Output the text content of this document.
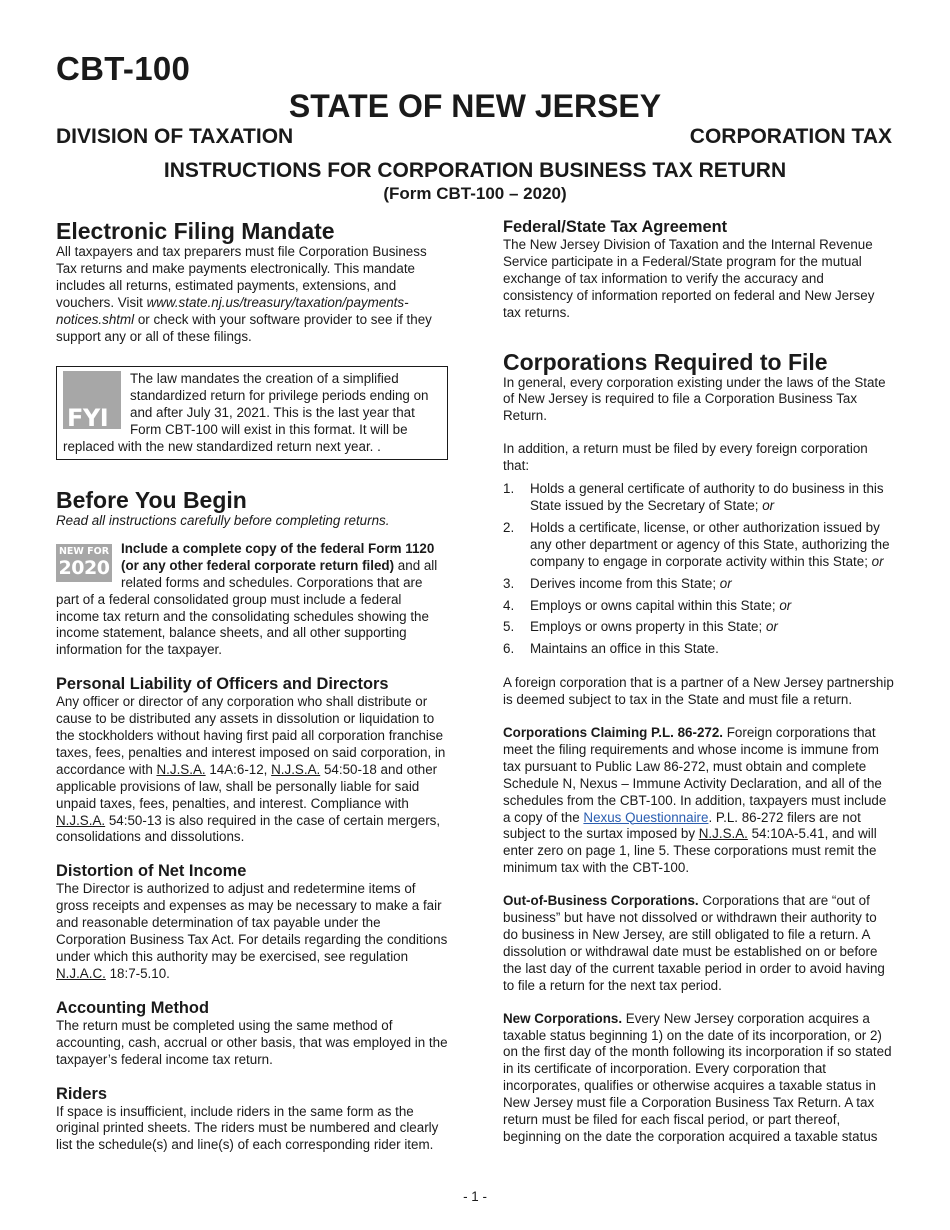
CBT-100
STATE OF NEW JERSEY
DIVISION OF TAXATION	CORPORATION TAX
INSTRUCTIONS FOR CORPORATION BUSINESS TAX RETURN
(Form CBT-100 – 2020)
Electronic Filing Mandate

All taxpayers and tax preparers must file Corporation Business Tax returns and make payments electronically. This mandate includes all returns, estimated payments, extensions, and vouchers. Visit www.state.nj.us/treasury/taxation/payments-notices.shtml or check with your software provider to see if they support any or all of these filings.

FYI
The law mandates the creation of a simplified standardized return for privilege periods ending on and after July 31, 2021. This is the last year that Form CBT-100 will exist in this format. It will be replaced with the new standardized return next year. .
Before You Begin

Read all instructions carefully before completing returns.

NEW FOR
2020
Include a complete copy of the federal Form 1120 (or any other federal corporate return filed) and all related forms and schedules. Corporations that are part of a federal consolidated group must include a federal income tax return and the consolidating schedules showing the income statement, balance sheets, and all other supporting information for the taxpayer.
Personal Liability of Officers and Directors

Any officer or director of any corporation who shall distribute or cause to be distributed any assets in dissolution or liquidation to the stockholders without having first paid all corporation franchise taxes, fees, penalties and interest imposed on said corporation, in accordance with N.J.S.A. 14A:6-12, N.J.S.A. 54:50-18 and other applicable provisions of law, shall be personally liable for said unpaid taxes, fees, penalties, and interest. Compliance with N.J.S.A. 54:50-13 is also required in the case of certain mergers, consolidations and dissolutions.

Distortion of Net Income

The Director is authorized to adjust and redetermine items of gross receipts and expenses as may be necessary to make a fair and reasonable determination of tax payable under the Corporation Business Tax Act. For details regarding the conditions under which this authority may be exercised, see regulation N.J.A.C. 18:7-5.10.

Accounting Method

The return must be completed using the same method of accounting, cash, accrual or other basis, that was employed in the taxpayer’s federal income tax return.

Riders

If space is insufficient, include riders in the same form as the original printed sheets. The riders must be numbered and clearly list the schedule(s) and line(s) of each corresponding rider item.

Federal/State Tax Agreement

The New Jersey Division of Taxation and the Internal Revenue Service participate in a Federal/State program for the mutual exchange of tax information to verify the accuracy and consistency of information reported on federal and New Jersey tax returns.

Corporations Required to File

In general, every corporation existing under the laws of the State of New Jersey is required to file a Corporation Business Tax Return.

In addition, a return must be filed by every foreign corporation that:

1. Holds a general certificate of authority to do business in this State issued by the Secretary of State; or
2. Holds a certificate, license, or other authorization issued by any other department or agency of this State, authorizing the company to engage in corporate activity within this State; or
3. Derives income from this State; or
4. Employs or owns capital within this State; or
5. Employs or owns property in this State; or
6. Maintains an office in this State.

A foreign corporation that is a partner of a New Jersey partnership is deemed subject to tax in the State and must file a return.

Corporations Claiming P.L. 86-272. Foreign corporations that meet the filing requirements and whose income is immune from tax pursuant to Public Law 86-272, must obtain and complete Schedule N, Nexus – Immune Activity Declaration, and all of the schedules from the CBT-100. In addition, taxpayers must include a copy of the Nexus Questionnaire. P.L. 86-272 filers are not subject to the surtax imposed by N.J.S.A. 54:10A-5.41, and will enter zero on page 1, line 5. These corporations must remit the minimum tax with the CBT-100.

Out-of-Business Corporations. Corporations that are “out of business” but have not dissolved or withdrawn their authority to do business in New Jersey, are still obligated to file a return. A dissolution or withdrawal date must be established on or before the last day of the current taxable period in order to avoid having to file a return for the next tax period.

New Corporations. Every New Jersey corporation acquires a taxable status beginning 1) on the date of its incorporation, or 2) on the first day of the month following its incorporation if so stated in its certificate of incorporation. Every corporation that incorporates, qualifies or otherwise acquires a taxable status in New Jersey must file a Corporation Business Tax Return. A tax return must be filed for each fiscal period, or part thereof, beginning on the date the corporation acquired a taxable status

- 1 -
